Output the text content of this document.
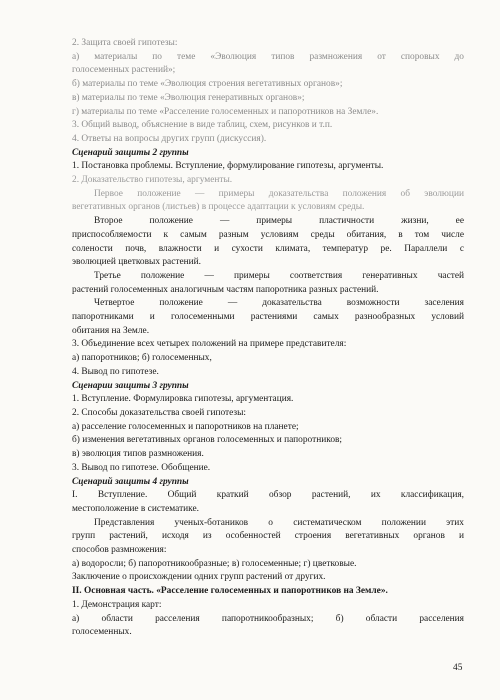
2. Защита своей гипотезы:
а) материалы по теме «Эволюция типов размножения от споровых до
голосеменных растений»;
б) материалы по теме «Эволюция строения вегетативных органов»;
в) материалы по теме «Эволюция генеративных органов»;
г) материалы по теме «Расселение голосеменных и папоротников на Земле».
3. Общий вывод, объяснение в виде таблиц, схем, рисунков и т.п.
4. Ответы на вопросы других групп (дискуссия).
Сценарий защиты 2 группы
1. Постановка проблемы. Вступление, формулирование гипотезы, аргументы.
2. Доказательство гипотезы, аргументы.
Первое положение — примеры доказательства положения об эволюции
вегетативных органов (листьев) в процессе адаптации к условиям среды.
Второе положение — примеры пластичности жизни, ее
приспособляемости к самым разным условиям среды обитания, в том числе
солености почв, влажности и сухости климата, температур ре. Параллели с
эволюцией цветковых растений.
Третье положение — примеры соответствия генеративных частей
растений голосеменных аналогичным частям папоротника разных растений.
Четвертое положение — доказательства возможности заселения
папоротниками и голосеменными растениями самых разнообразных условий
обитания на Земле.
3. Объединение всех четырех положений на примере представителя:
а) папоротников; б) голосеменных,
4. Вывод по гипотезе.
Сценарии защиты 3 группы
1. Вступление. Формулировка гипотезы, аргументация.
2. Способы доказательства своей гипотезы:
а) расселение голосеменных и папоротников на планете;
б) изменения вегетативных органов голосеменных и папоротников;
в) эволюция типов размножения.
3. Вывод по гипотезе. Обобщение.
Сценарий защиты 4 группы
I. Вступление. Общий краткий обзор растений, их классификация,
местоположение в систематике.
Представления ученых-ботаников о систематическом положении этих
групп растений, исходя из особенностей строения вегетативных органов и
способов размножения:
а) водоросли; б) папоротникообразные; в) голосеменные; г) цветковые.
Заключение о происхождении одних групп растений от других.
II. Основная часть. «Расселение голосеменных и папоротников на Земле».
1. Демонстрация карт:
а) области расселения папоротникообразных; б) области расселения
голосеменных.
45
